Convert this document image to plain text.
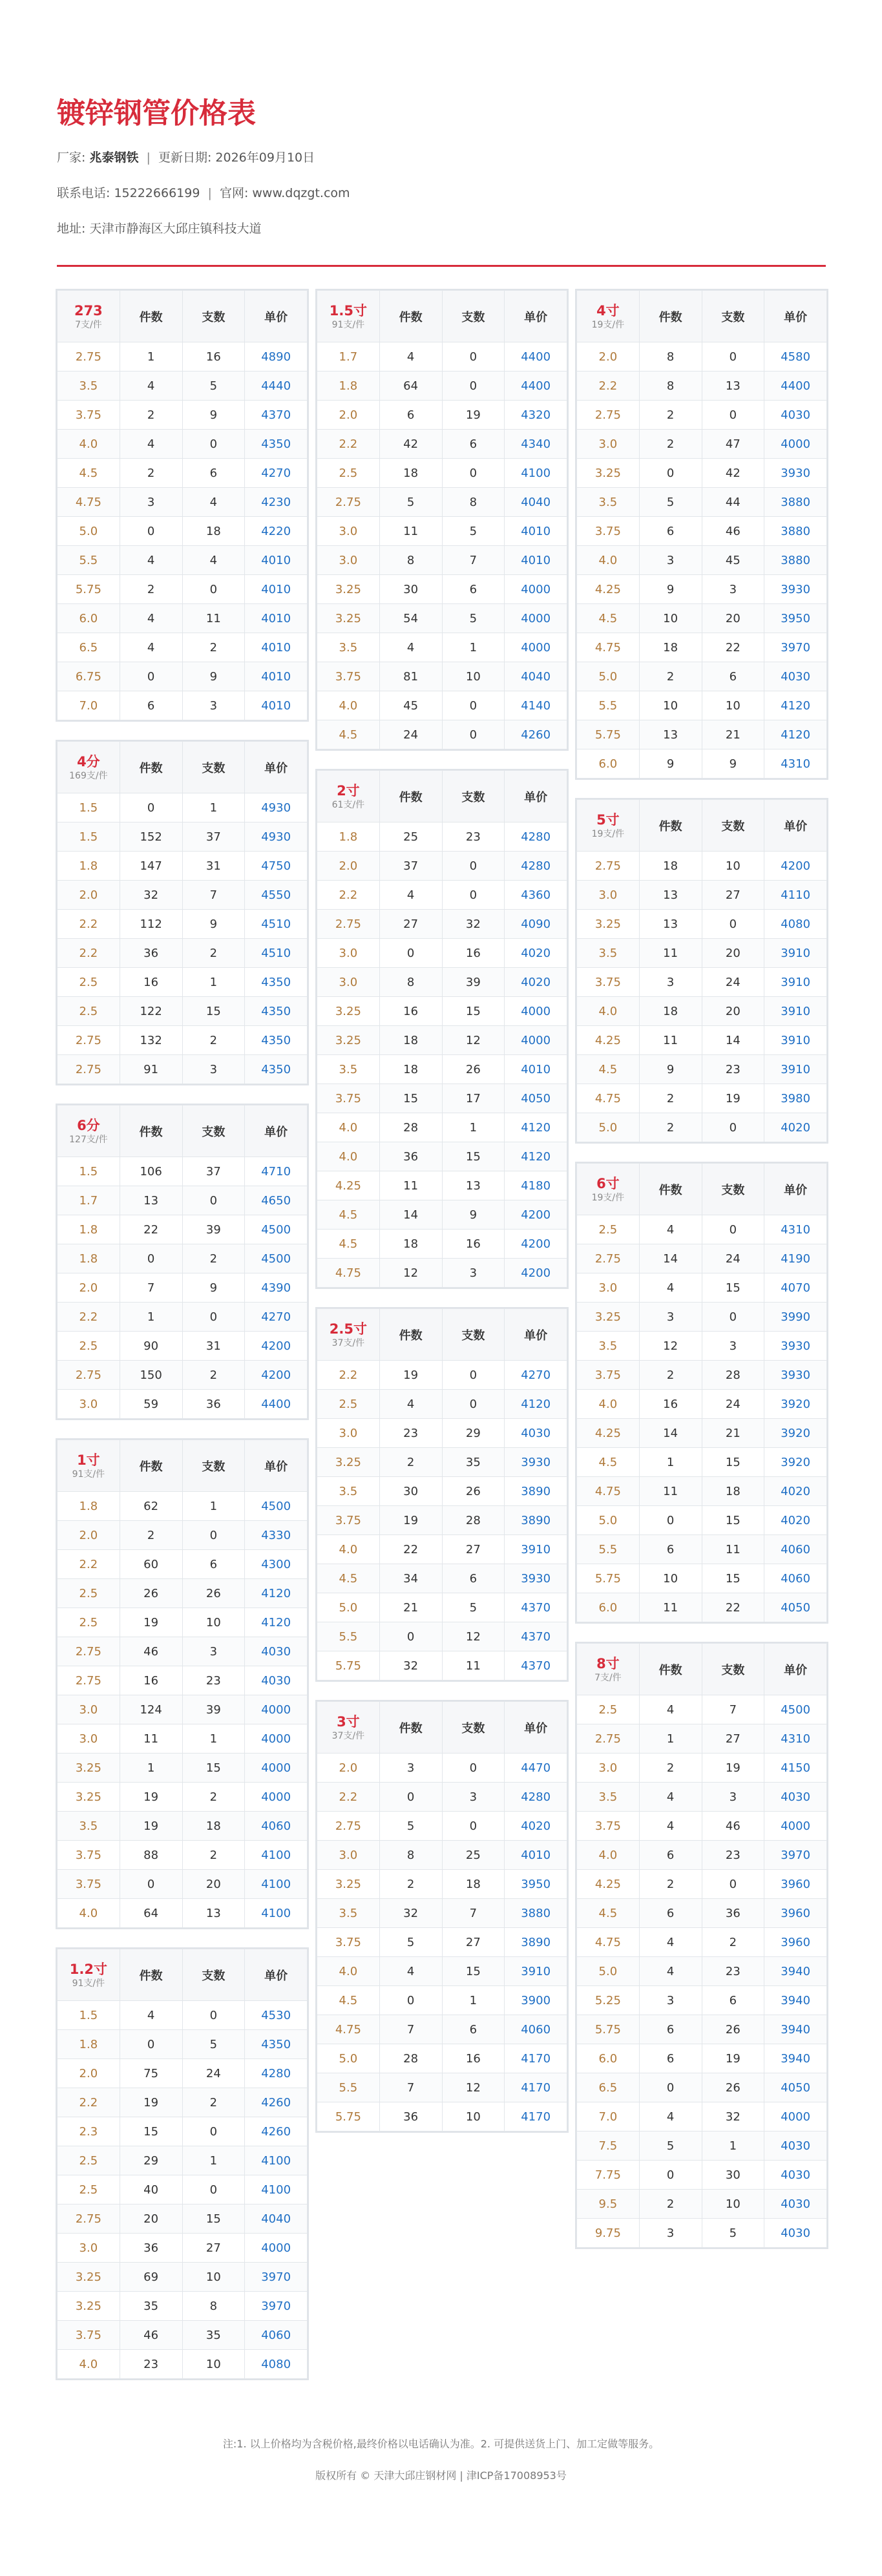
镀锌钢管价格表
厂家: 兆泰钢铁 | 更新日期: 2026年09月10日
联系电话: 15222666199 | 官网: www.dqzgt.com
地址: 天津市静海区大邱庄镇科技大道
273
7支/件	件数	支数	单价
2.75	1	16	4890
3.5	4	5	4440
3.75	2	9	4370
4.0	4	0	4350
4.5	2	6	4270
4.75	3	4	4230
5.0	0	18	4220
5.5	4	4	4010
5.75	2	0	4010
6.0	4	11	4010
6.5	4	2	4010
6.75	0	9	4010
7.0	6	3	4010
4分
169支/件	件数	支数	单价
1.5	0	1	4930
1.5	152	37	4930
1.8	147	31	4750
2.0	32	7	4550
2.2	112	9	4510
2.2	36	2	4510
2.5	16	1	4350
2.5	122	15	4350
2.75	132	2	4350
2.75	91	3	4350
6分
127支/件	件数	支数	单价
1.5	106	37	4710
1.7	13	0	4650
1.8	22	39	4500
1.8	0	2	4500
2.0	7	9	4390
2.2	1	0	4270
2.5	90	31	4200
2.75	150	2	4200
3.0	59	36	4400
1寸
91支/件	件数	支数	单价
1.8	62	1	4500
2.0	2	0	4330
2.2	60	6	4300
2.5	26	26	4120
2.5	19	10	4120
2.75	46	3	4030
2.75	16	23	4030
3.0	124	39	4000
3.0	11	1	4000
3.25	1	15	4000
3.25	19	2	4000
3.5	19	18	4060
3.75	88	2	4100
3.75	0	20	4100
4.0	64	13	4100
1.2寸
91支/件	件数	支数	单价
1.5	4	0	4530
1.8	0	5	4350
2.0	75	24	4280
2.2	19	2	4260
2.3	15	0	4260
2.5	29	1	4100
2.5	40	0	4100
2.75	20	15	4040
3.0	36	27	4000
3.25	69	10	3970
3.25	35	8	3970
3.75	46	35	4060
4.0	23	10	4080
1.5寸
91支/件	件数	支数	单价
1.7	4	0	4400
1.8	64	0	4400
2.0	6	19	4320
2.2	42	6	4340
2.5	18	0	4100
2.75	5	8	4040
3.0	11	5	4010
3.0	8	7	4010
3.25	30	6	4000
3.25	54	5	4000
3.5	4	1	4000
3.75	81	10	4040
4.0	45	0	4140
4.5	24	0	4260
2寸
61支/件	件数	支数	单价
1.8	25	23	4280
2.0	37	0	4280
2.2	4	0	4360
2.75	27	32	4090
3.0	0	16	4020
3.0	8	39	4020
3.25	16	15	4000
3.25	18	12	4000
3.5	18	26	4010
3.75	15	17	4050
4.0	28	1	4120
4.0	36	15	4120
4.25	11	13	4180
4.5	14	9	4200
4.5	18	16	4200
4.75	12	3	4200
2.5寸
37支/件	件数	支数	单价
2.2	19	0	4270
2.5	4	0	4120
3.0	23	29	4030
3.25	2	35	3930
3.5	30	26	3890
3.75	19	28	3890
4.0	22	27	3910
4.5	34	6	3930
5.0	21	5	4370
5.5	0	12	4370
5.75	32	11	4370
3寸
37支/件	件数	支数	单价
2.0	3	0	4470
2.2	0	3	4280
2.75	5	0	4020
3.0	8	25	4010
3.25	2	18	3950
3.5	32	7	3880
3.75	5	27	3890
4.0	4	15	3910
4.5	0	1	3900
4.75	7	6	4060
5.0	28	16	4170
5.5	7	12	4170
5.75	36	10	4170
4寸
19支/件	件数	支数	单价
2.0	8	0	4580
2.2	8	13	4400
2.75	2	0	4030
3.0	2	47	4000
3.25	0	42	3930
3.5	5	44	3880
3.75	6	46	3880
4.0	3	45	3880
4.25	9	3	3930
4.5	10	20	3950
4.75	18	22	3970
5.0	2	6	4030
5.5	10	10	4120
5.75	13	21	4120
6.0	9	9	4310
5寸
19支/件	件数	支数	单价
2.75	18	10	4200
3.0	13	27	4110
3.25	13	0	4080
3.5	11	20	3910
3.75	3	24	3910
4.0	18	20	3910
4.25	11	14	3910
4.5	9	23	3910
4.75	2	19	3980
5.0	2	0	4020
6寸
19支/件	件数	支数	单价
2.5	4	0	4310
2.75	14	24	4190
3.0	4	15	4070
3.25	3	0	3990
3.5	12	3	3930
3.75	2	28	3930
4.0	16	24	3920
4.25	14	21	3920
4.5	1	15	3920
4.75	11	18	4020
5.0	0	15	4020
5.5	6	11	4060
5.75	10	15	4060
6.0	11	22	4050
8寸
7支/件	件数	支数	单价
2.5	4	7	4500
2.75	1	27	4310
3.0	2	19	4150
3.5	4	3	4030
3.75	4	46	4000
4.0	6	23	3970
4.25	2	0	3960
4.5	6	36	3960
4.75	4	2	3960
5.0	4	23	3940
5.25	3	6	3940
5.75	6	26	3940
6.0	6	19	3940
6.5	0	26	4050
7.0	4	32	4000
7.5	5	1	4030
7.75	0	30	4030
9.5	2	10	4030
9.75	3	5	4030
注:1. 以上价格均为含税价格,最终价格以电话确认为准。2. 可提供送货上门、加工定做等服务。
版权所有 © 天津大邱庄钢材网 | 津ICP备17008953号
